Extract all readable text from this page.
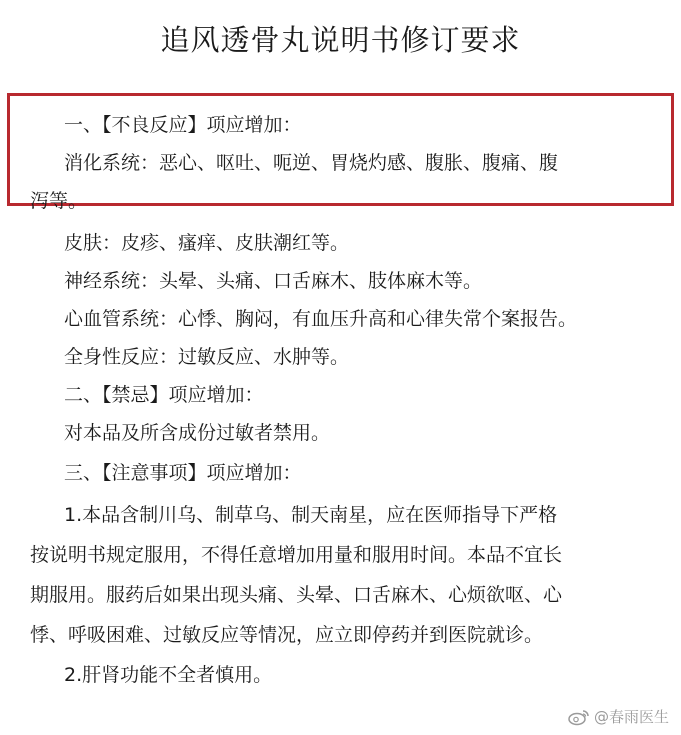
追风透骨丸说明书修订要求
一、【不良反应】项应增加：
消化系统：恶心、呕吐、呃逆、胃烧灼感、腹胀、腹痛、腹
泻等。
皮肤：皮疹、瘙痒、皮肤潮红等。
神经系统：头晕、头痛、口舌麻木、肢体麻木等。
心血管系统：心悸、胸闷，有血压升高和心律失常个案报告。
全身性反应：过敏反应、水肿等。
二、【禁忌】项应增加：
对本品及所含成份过敏者禁用。
三、【注意事项】项应增加：
1.本品含制川乌、制草乌、制天南星，应在医师指导下严格
按说明书规定服用，不得任意增加用量和服用时间。本品不宜长
期服用。服药后如果出现头痛、头晕、口舌麻木、心烦欲呕、心
悸、呼吸困难、过敏反应等情况，应立即停药并到医院就诊。
2.肝肾功能不全者慎用。
@春雨医生
